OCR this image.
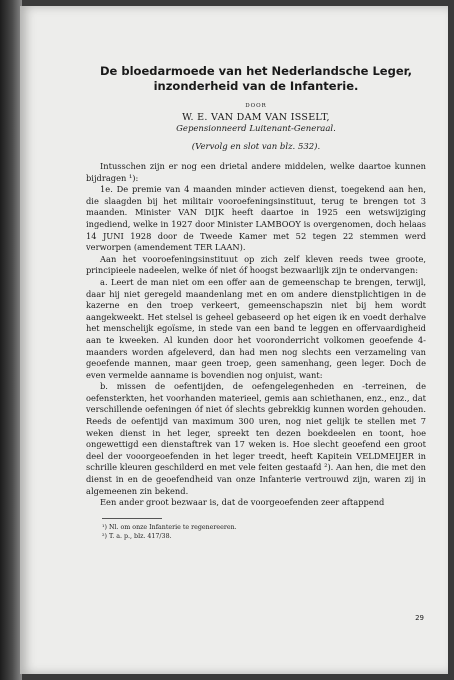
De bloedarmoede van het Nederlandsche Leger,
inzonderheid van de Infanterie.
DOOR
W. E. VAN DAM VAN ISSELT,
Gepensionneerd Luitenant-Generaal.
(Vervolg en slot van blz. 532).

Intusschen zijn er nog een drietal andere middelen, welke daartoe kunnen bijdragen ¹):

1e. De premie van 4 maanden minder actieven dienst, toegekend aan hen, die slaagden bij het militair vooroefeningsinstituut, terug te brengen tot 3 maanden. Minister VAN DIJK heeft daartoe in 1925 een wetswijziging ingediend, welke in 1927 door Minister LAMBOOY is overgenomen, doch helaas 14 JUNI 1928 door de Tweede Kamer met 52 tegen 22 stemmen werd verworpen (amendement TER LAAN).

Aan het vooroefeningsinstituut op zich zelf kleven reeds twee groote, principieele nadeelen, welke óf niet óf hoogst bezwaarlijk zijn te ondervangen:

a. Leert de man niet om een offer aan de gemeenschap te brengen, terwijl, daar hij niet geregeld maandenlang met en om andere dienstplichtigen in de kazerne en den troep verkeert, gemeenschapszin niet bij hem wordt aangekweekt. Het stelsel is geheel gebaseerd op het eigen ik en voedt derhalve het menschelijk egoïsme, in stede van een band te leggen en offervaardigheid aan te kweeken. Al kunden door het vooronderricht volkomen geoefende 4-maanders worden afgeleverd, dan had men nog slechts een verzameling van geoefende mannen, maar geen troep, geen samenhang, geen leger. Doch de even vermelde aanname is bovendien nog onjuist, want:

b. missen de oefentijden, de oefengelegenheden en -terreinen, de oefensterkten, het voorhanden materieel, gemis aan schiethanen, enz., enz., dat verschillende oefeningen óf niet óf slechts gebrekkig kunnen worden gehouden. Reeds de oefentijd van maximum 300 uren, nog niet gelijk te stellen met 7 weken dienst in het leger, spreekt ten dezen boekdeelen en toont, hoe ongewettigd een dienstaftrek van 17 weken is. Hoe slecht geoefend een groot deel der vooorgeoefenden in het leger treedt, heeft Kapitein VELDMEIJER in schrille kleuren geschilderd en met vele feiten gestaafd ²). Aan hen, die met den dienst in en de geoefendheid van onze Infanterie vertrouwd zijn, waren zij in algemeenen zin bekend.

Een ander groot bezwaar is, dat de voorgeoefenden zeer aftappend

¹) Nl. om onze Infanterie te regenereeren.
²) T. a. p., blz. 417/38.
29
